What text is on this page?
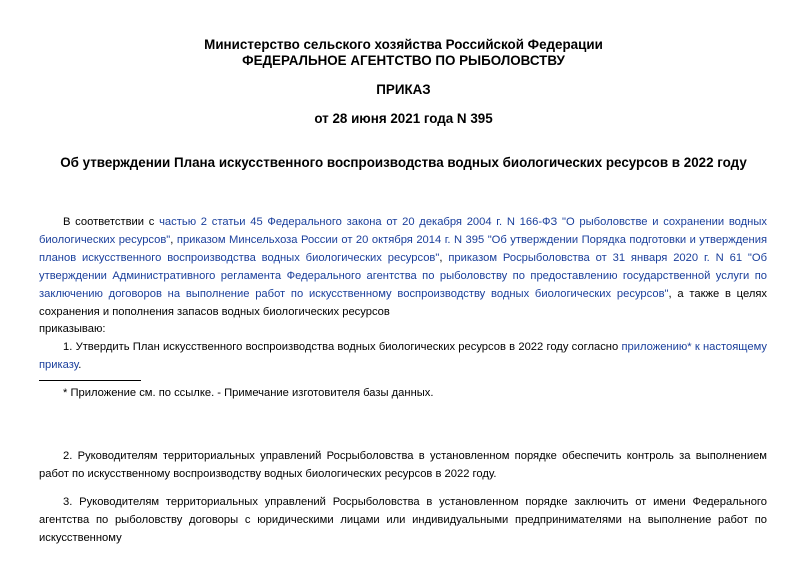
Министерство сельского хозяйства Российской Федерации
ФЕДЕРАЛЬНОЕ АГЕНТСТВО ПО РЫБОЛОВСТВУ
ПРИКАЗ
от 28 июня 2021 года N 395
Об утверждении Плана искусственного воспроизводства водных биологических ресурсов в 2022 году

В соответствии с частью 2 статьи 45 Федерального закона от 20 декабря 2004 г. N 166-ФЗ "О рыболовстве и сохранении водных биологических ресурсов", приказом Минсельхоза России от 20 октября 2014 г. N 395 "Об утверждении Порядка подготовки и утверждения планов искусственного воспроизводства водных биологических ресурсов", приказом Росрыболовства от 31 января 2020 г. N 61 "Об утверждении Административного регламента Федерального агентства по рыболовству по предоставлению государственной услуги по заключению договоров на выполнение работ по искусственному воспроизводству водных биологических ресурсов", а также в целях сохранения и пополнения запасов водных биологических ресурсов

приказываю:

1. Утвердить План искусственного воспроизводства водных биологических ресурсов в 2022 году согласно приложению* к настоящему приказу.

* Приложение см. по ссылке. - Примечание изготовителя базы данных.

2. Руководителям территориальных управлений Росрыболовства в установленном порядке обеспечить контроль за выполнением работ по искусственному воспроизводству водных биологических ресурсов в 2022 году.

3. Руководителям территориальных управлений Росрыболовства в установленном порядке заключить от имени Федерального агентства по рыболовству договоры с юридическими лицами или индивидуальными предпринимателями на выполнение работ по искусственному
